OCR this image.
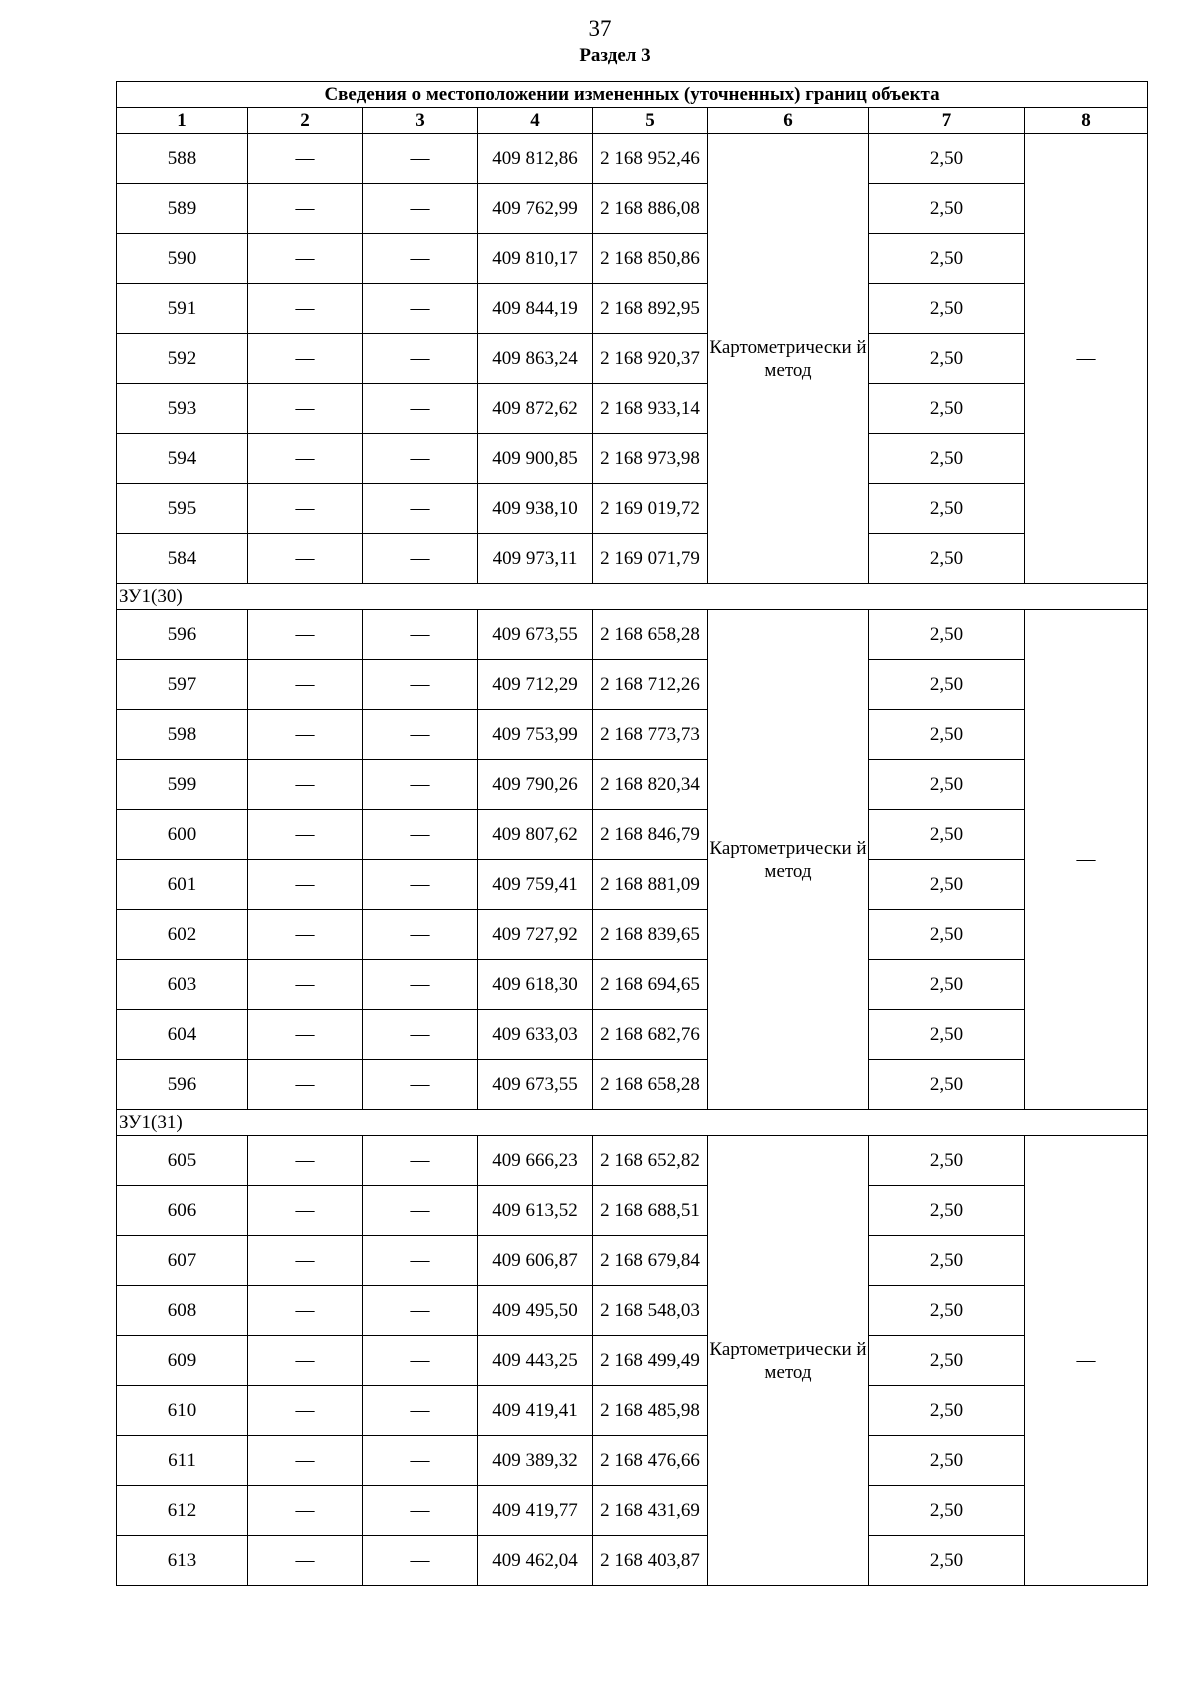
37
Раздел 3
Сведения о местоположении измененных (уточненных) границ объекта							
1	2	3	4	5	6	7	8
588	—	—	409 812,86	2 168 952,46	Картометрически й метод	2,50	—
589	—	—	409 762,99	2 168 886,08		2,50	
590	—	—	409 810,17	2 168 850,86		2,50	
591	—	—	409 844,19	2 168 892,95		2,50	
592	—	—	409 863,24	2 168 920,37		2,50	
593	—	—	409 872,62	2 168 933,14		2,50	
594	—	—	409 900,85	2 168 973,98		2,50	
595	—	—	409 938,10	2 169 019,72		2,50	
584	—	—	409 973,11	2 169 071,79		2,50	
ЗУ1(30)							
596	—	—	409 673,55	2 168 658,28	Картометрически й метод	2,50	—
597	—	—	409 712,29	2 168 712,26		2,50	
598	—	—	409 753,99	2 168 773,73		2,50	
599	—	—	409 790,26	2 168 820,34		2,50	
600	—	—	409 807,62	2 168 846,79		2,50	
601	—	—	409 759,41	2 168 881,09		2,50	
602	—	—	409 727,92	2 168 839,65		2,50	
603	—	—	409 618,30	2 168 694,65		2,50	
604	—	—	409 633,03	2 168 682,76		2,50	
596	—	—	409 673,55	2 168 658,28		2,50	
ЗУ1(31)							
605	—	—	409 666,23	2 168 652,82	Картометрически й метод	2,50	—
606	—	—	409 613,52	2 168 688,51		2,50	
607	—	—	409 606,87	2 168 679,84		2,50	
608	—	—	409 495,50	2 168 548,03		2,50	
609	—	—	409 443,25	2 168 499,49		2,50	
610	—	—	409 419,41	2 168 485,98		2,50	
611	—	—	409 389,32	2 168 476,66		2,50	
612	—	—	409 419,77	2 168 431,69		2,50	
613	—	—	409 462,04	2 168 403,87		2,50	
